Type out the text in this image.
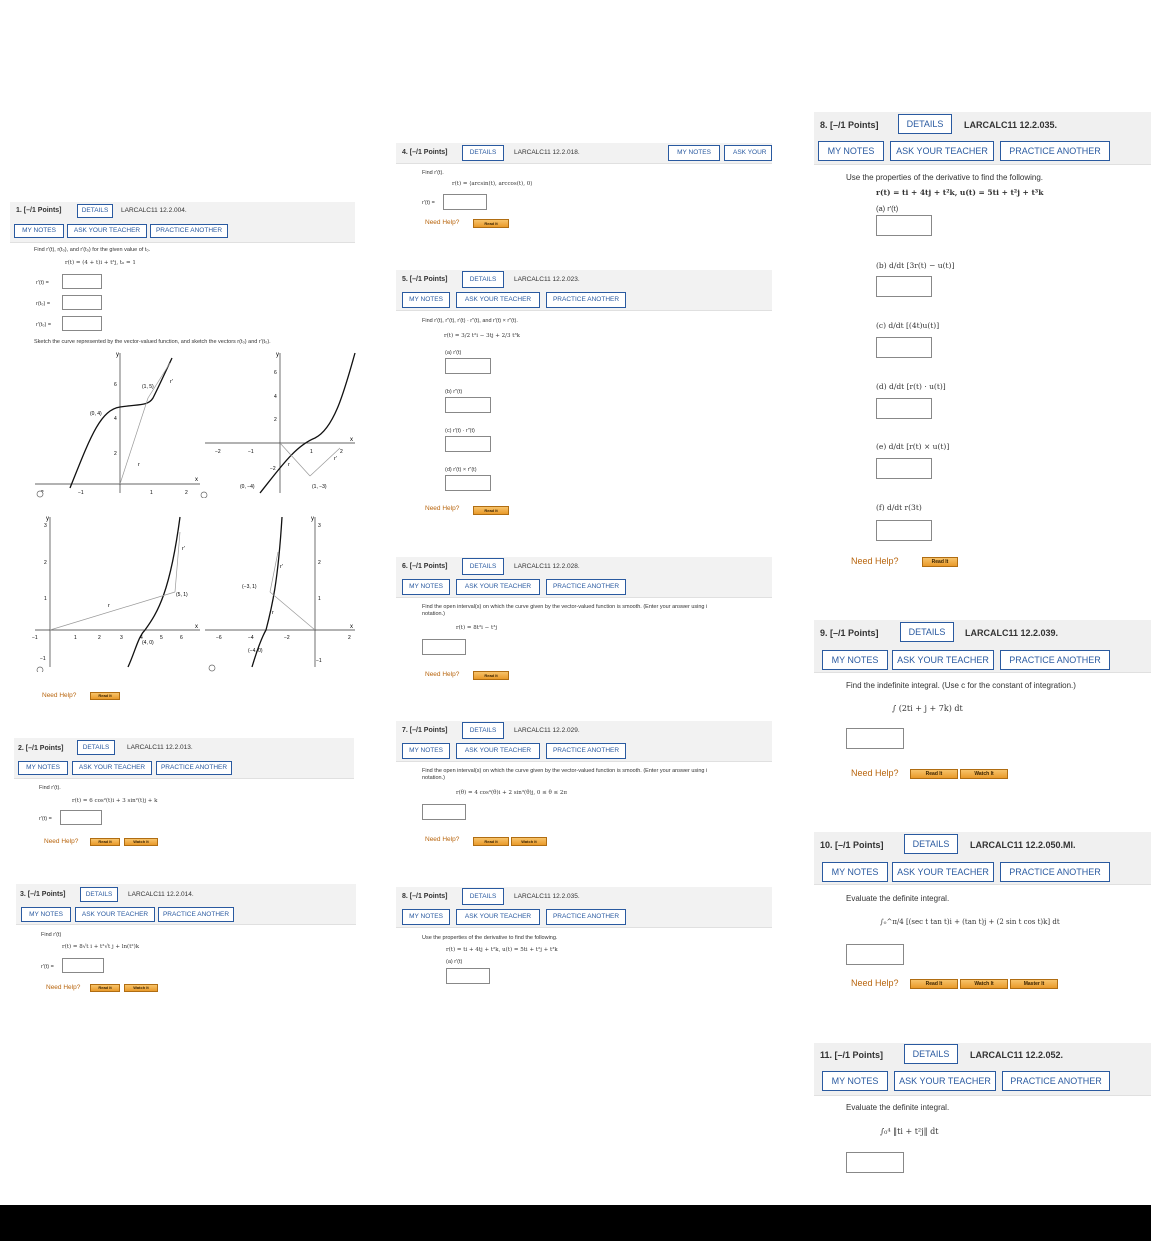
1. [–/1 Points]	DETAILS	LARCALC11 12.2.004.
MY NOTES	ASK YOUR TEACHER	PRACTICE ANOTHER
Find r′(t), r(t₀), and r′(t₀) for the given value of t₀.
r(t) = (4 + t)i + t³j, t₀ = 1
r′(t) =
r(t₀) =
r′(t₀) =
Sketch the curve represented by the vector-valued function, and sketch the vectors r(t₀) and r′(t₀).
y
x
(1, 5)
(0, 4)
r′
r
6
4
2
−1	1	2
y
x
(1, −3)
(0, −4)
r
r′
6
4
2
−2
−2	−1	1	2
y
x
(5, 1)
(4, 0)
r
r′
3
2
1
−1
−1	1	2	3	4	5	6
y
x
(−3, 1)
(−4, 0)
r
r′
3
2
1
−1
−6	−4	−2	2
Need Help?	Read It
2. [–/1 Points]	DETAILS	LARCALC11 12.2.013.
MY NOTES	ASK YOUR TEACHER	PRACTICE ANOTHER
Find r′(t).
r(t) = 6 cos²(t)i + 3 sin²(t)j + k
r′(t) =
Need Help?	Read It	Watch It
3. [–/1 Points]	DETAILS	LARCALC11 12.2.014.
MY NOTES	ASK YOUR TEACHER	PRACTICE ANOTHER
Find r′(t)
r(t) = 8√t i + t²√t j + ln(t²)k
r′(t) =
Need Help?	Read It	Watch It
4. [–/1 Points]	DETAILS	LARCALC11 12.2.018.	MY NOTES	ASK YOUR
Find r′(t).
r(t) = ⟨arcsin(t), arccos(t), 0⟩
r′(t) =
Need Help?	Read It
5. [–/1 Points]	DETAILS	LARCALC11 12.2.023.
MY NOTES	ASK YOUR TEACHER	PRACTICE ANOTHER
Find r′(t), r″(t), r′(t) · r″(t), and r′(t) × r″(t).
r(t) = 3/2 t²i − 3tj + 2/3 t³k
(a) r′(t)
(b) r″(t)
(c) r′(t) · r″(t)
(d) r′(t) × r″(t)
Need Help?	Read It
6. [–/1 Points]	DETAILS	LARCALC11 12.2.028.
MY NOTES	ASK YOUR TEACHER	PRACTICE ANOTHER
Find the open interval(s) on which the curve given by the vector-valued function is smooth. (Enter your answer using i
notation.)
r(t) = 8t²i − t³j
Need Help?	Read It
7. [–/1 Points]	DETAILS	LARCALC11 12.2.029.
MY NOTES	ASK YOUR TEACHER	PRACTICE ANOTHER
Find the open interval(s) on which the curve given by the vector-valued function is smooth. (Enter your answer using i
notation.)
r(θ) = 4 cos³(θ)i + 2 sin³(θ)j, 0 ≤ θ ≤ 2π
Need Help?	Read It	Watch It
8. [–/1 Points]	DETAILS	LARCALC11 12.2.035.
MY NOTES	ASK YOUR TEACHER	PRACTICE ANOTHER
Use the properties of the derivative to find the following.
r(t) = ti + 4tj + t²k, u(t) = 5ti + t²j + t³k
(a) r′(t)
8. [–/1 Points]	DETAILS	LARCALC11 12.2.035.
MY NOTES	ASK YOUR TEACHER	PRACTICE ANOTHER
Use the properties of the derivative to find the following.
r(t) = ti + 4tj + t²k, u(t) = 5ti + t²j + t³k
(a) r′(t)
(b) d/dt [3r(t) − u(t)]
(c) d/dt [(4t)u(t)]
(d) d/dt [r(t) · u(t)]
(e) d/dt [r(t) × u(t)]
(f) d/dt r(3t)
Need Help?	Read It
9. [–/1 Points]	DETAILS	LARCALC11 12.2.039.
MY NOTES	ASK YOUR TEACHER	PRACTICE ANOTHER
Find the indefinite integral. (Use c for the constant of integration.)
∫ (2ti + j + 7k) dt
Need Help?	Read It	Watch It
10. [–/1 Points]	DETAILS	LARCALC11 12.2.050.MI.
MY NOTES	ASK YOUR TEACHER	PRACTICE ANOTHER
Evaluate the definite integral.
∫₀^π/4 [(sec t tan t)i + (tan t)j + (2 sin t cos t)k] dt
Need Help?	Read It	Watch It	Master It
11. [–/1 Points]	DETAILS	LARCALC11 12.2.052.
MY NOTES	ASK YOUR TEACHER	PRACTICE ANOTHER
Evaluate the definite integral.
∫₀⁴ ‖ti + t²j‖ dt
